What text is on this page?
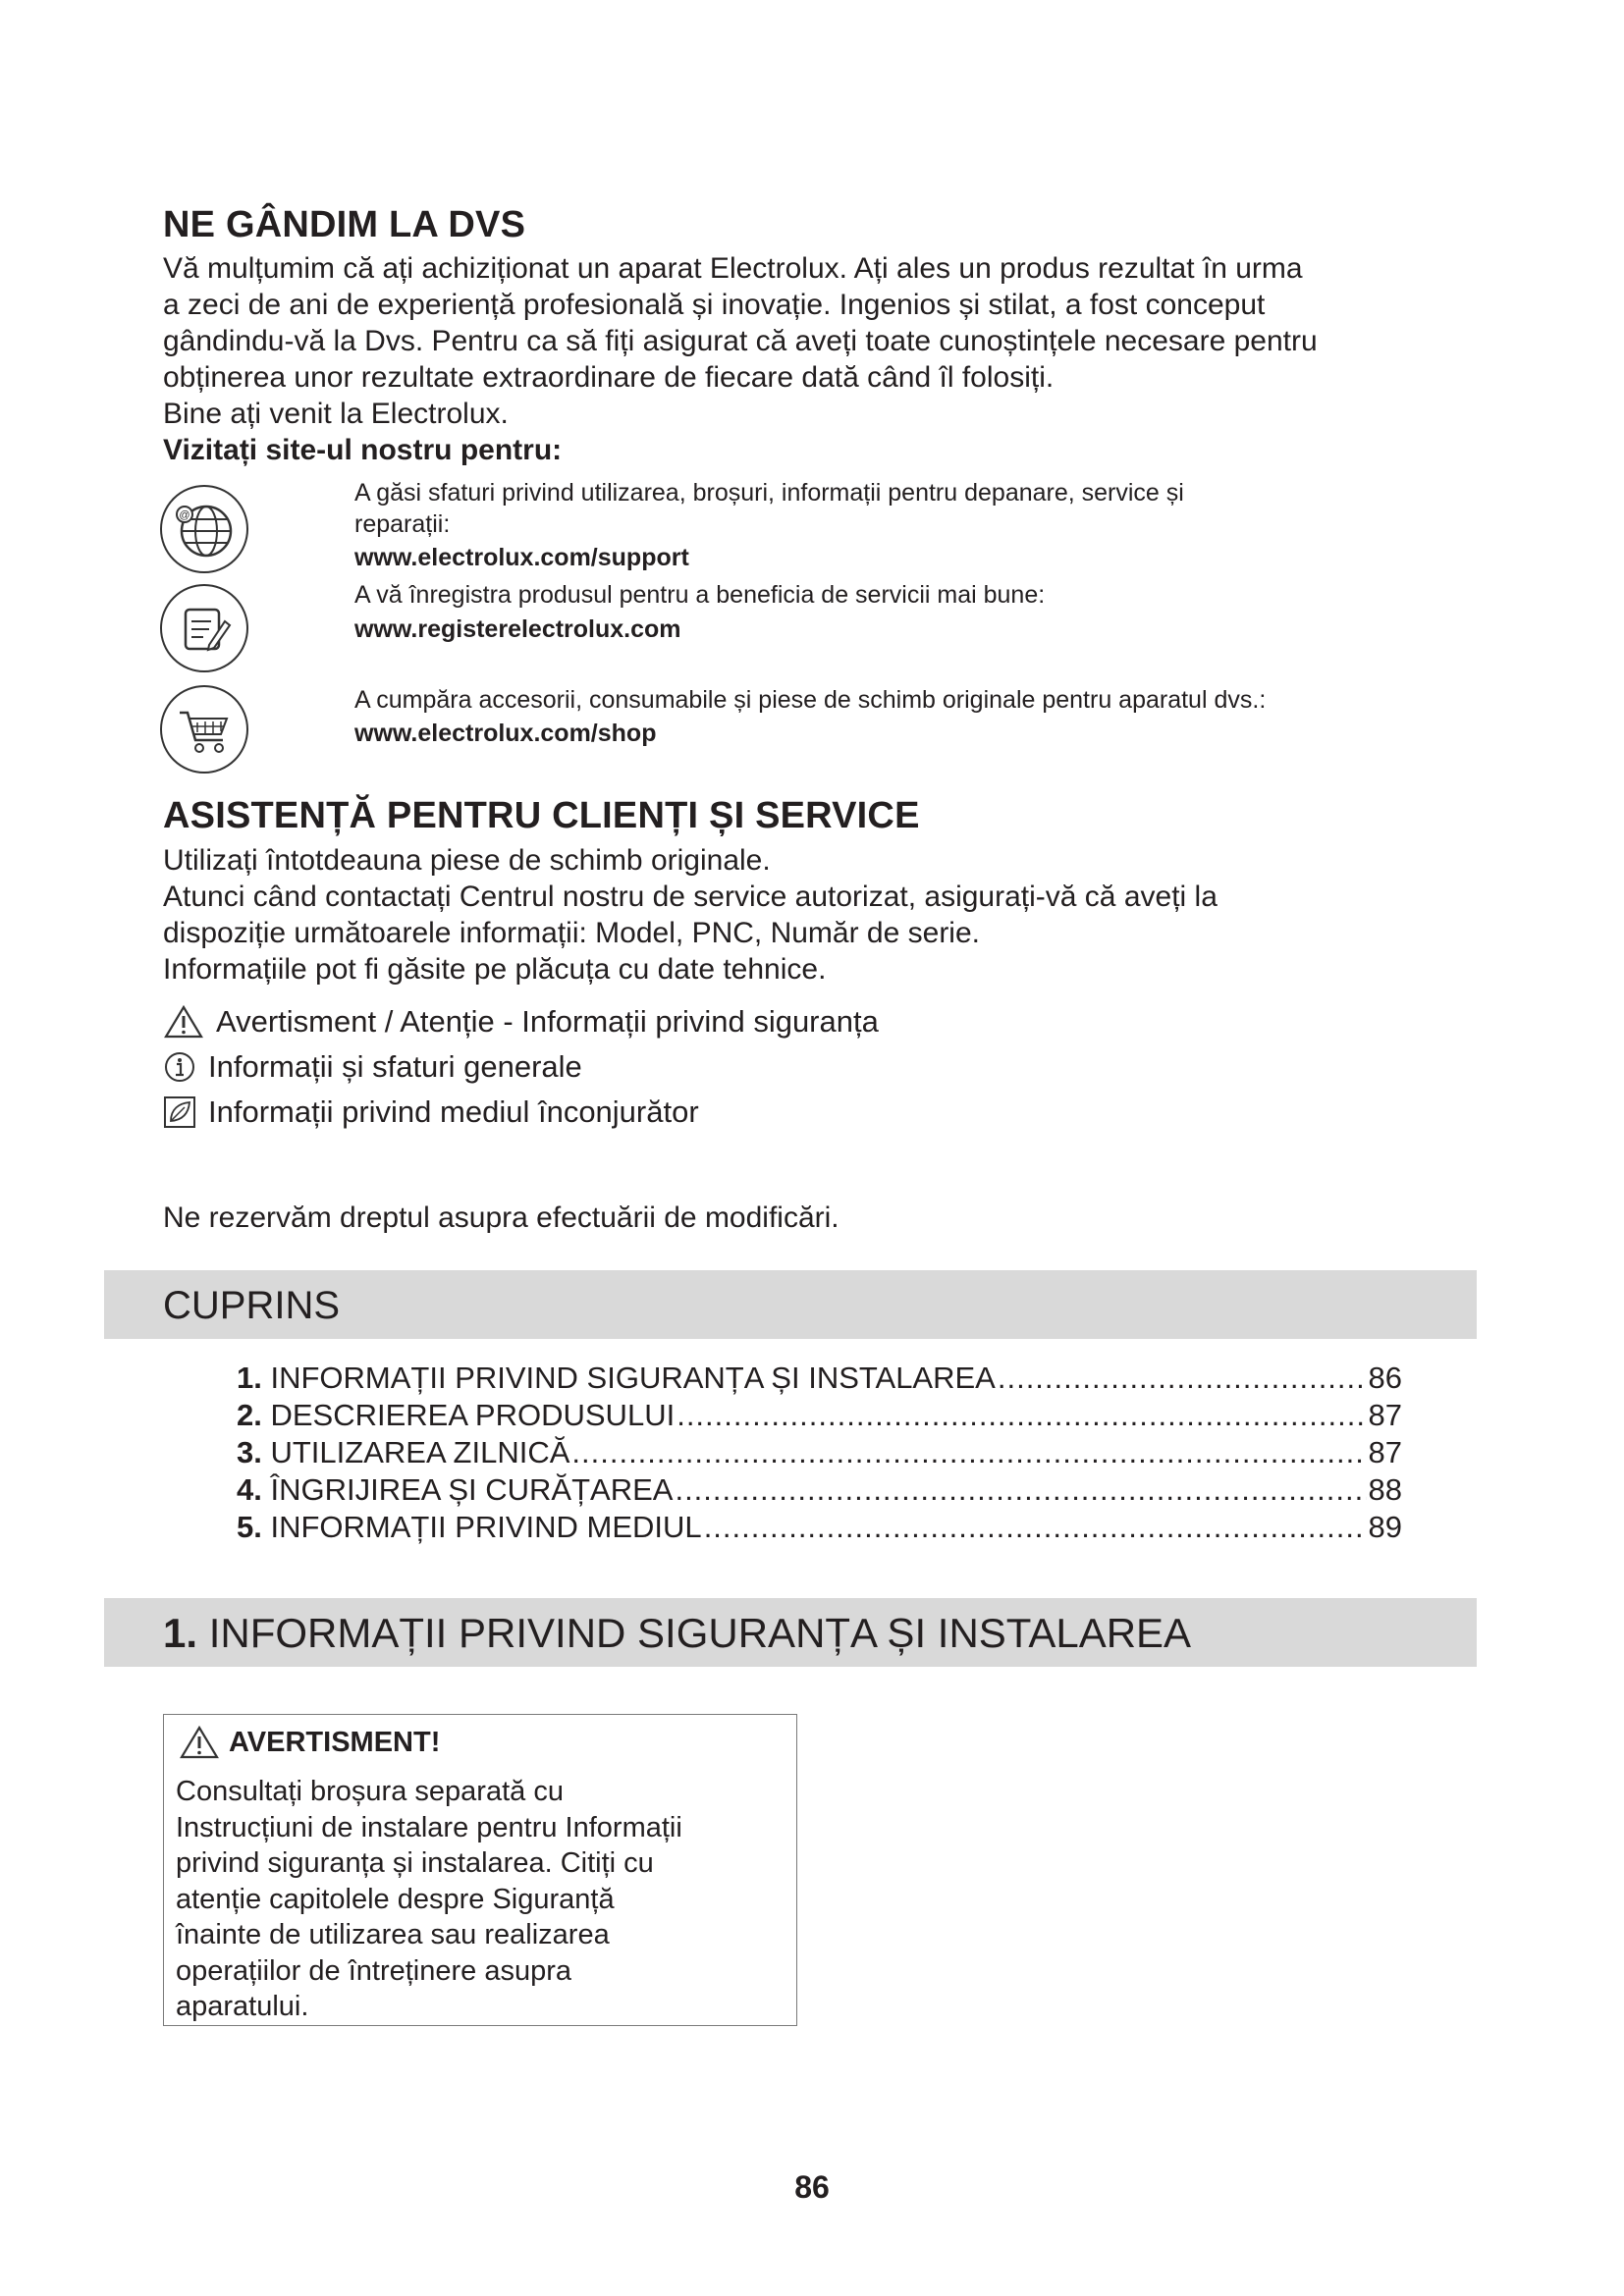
NE GÂNDIM LA DVS
Vă mulțumim că ați achiziționat un aparat Electrolux. Ați ales un produs rezultat în urma
a zeci de ani de experiență profesională și inovație. Ingenios și stilat, a fost conceput
gândindu-vă la Dvs. Pentru ca să fiți asigurat că aveți toate cunoștințele necesare pentru
obținerea unor rezultate extraordinare de fiecare dată când îl folosiți.
Bine ați venit la Electrolux.
Vizitați site-ul nostru pentru:
@
A găsi sfaturi privind utilizarea, broșuri, informații pentru depanare, service și
reparații:
www.electrolux.com/support
A vă înregistra produsul pentru a beneficia de servicii mai bune:
www.registerelectrolux.com
A cumpăra accesorii, consumabile și piese de schimb originale pentru aparatul dvs.:
www.electrolux.com/shop
ASISTENȚĂ PENTRU CLIENȚI ȘI SERVICE
Utilizați întotdeauna piese de schimb originale.
Atunci când contactați Centrul nostru de service autorizat, asigurați-vă că aveți la
dispoziție următoarele informații: Model, PNC, Număr de serie.
Informațiile pot fi găsite pe plăcuța cu date tehnice.
Avertisment / Atenție - Informații privind siguranța
Informații și sfaturi generale
Informații privind mediul înconjurător
Ne rezervăm dreptul asupra efectuării de modificări.
CUPRINS
1.
INFORMAȚII PRIVIND SIGURANȚA ȘI INSTALAREA .....	86
2.
DESCRIEREA PRODUSULUI .....	87
3.
UTILIZAREA ZILNICĂ .....	87
4.
ÎNGRIJIREA ȘI CURĂȚAREA .....	88
5.
INFORMAȚII PRIVIND MEDIUL .....	89
1. INFORMAȚII PRIVIND SIGURANȚA ȘI INSTALAREA
AVERTISMENT!
Consultați broșura separată cu
Instrucțiuni de instalare pentru Informații
privind siguranța și instalarea. Citiți cu
atenție capitolele despre Siguranță
înainte de utilizarea sau realizarea
operațiilor de întreținere asupra
aparatului.
86
